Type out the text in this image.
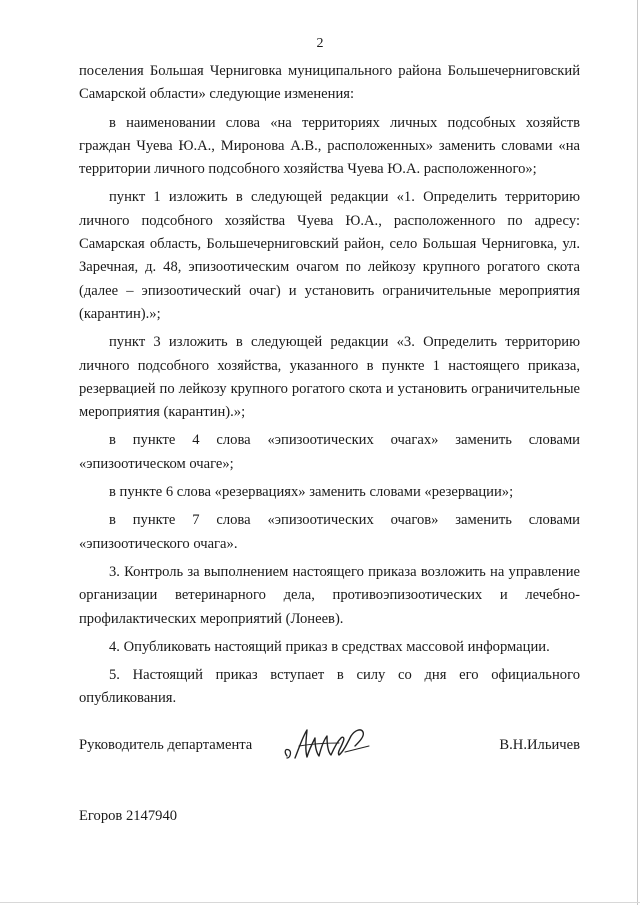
2

поселения Большая Черниговка муниципального района Большечерниговский Самарской области» следующие изменения:

в наименовании слова «на территориях личных подсобных хозяйств граждан Чуева Ю.А., Миронова А.В., расположенных» заменить словами «на территории личного подсобного хозяйства Чуева Ю.А. расположенного»;

пункт 1 изложить в следующей редакции «1. Определить территорию личного подсобного хозяйства Чуева Ю.А., расположенного по адресу: Самарская область, Большечерниговский район, село Большая Черниговка, ул. Заречная, д. 48, эпизоотическим очагом по лейкозу крупного рогатого скота (далее – эпизоотический очаг) и установить ограничительные мероприятия (карантин).»;

пункт 3 изложить в следующей редакции «3. Определить территорию личного подсобного хозяйства, указанного в пункте 1 настоящего приказа, резервацией по лейкозу крупного рогатого скота и установить ограничительные мероприятия (карантин).»;

в пункте 4 слова «эпизоотических очагах» заменить словами «эпизоотическом очаге»;

в пункте 6 слова «резервациях» заменить словами «резервации»;

в пункте 7 слова «эпизоотических очагов» заменить словами «эпизоотического очага».

3. Контроль за выполнением настоящего приказа возложить на управление организации ветеринарного дела, противоэпизоотических и лечебно-профилактических мероприятий (Лонеев).

4. Опубликовать настоящий приказ в средствах массовой информации.

5. Настоящий приказ вступает в силу со дня его официального опубликования.

Руководитель департамента	В.Н.Ильичев
Егоров 2147940
